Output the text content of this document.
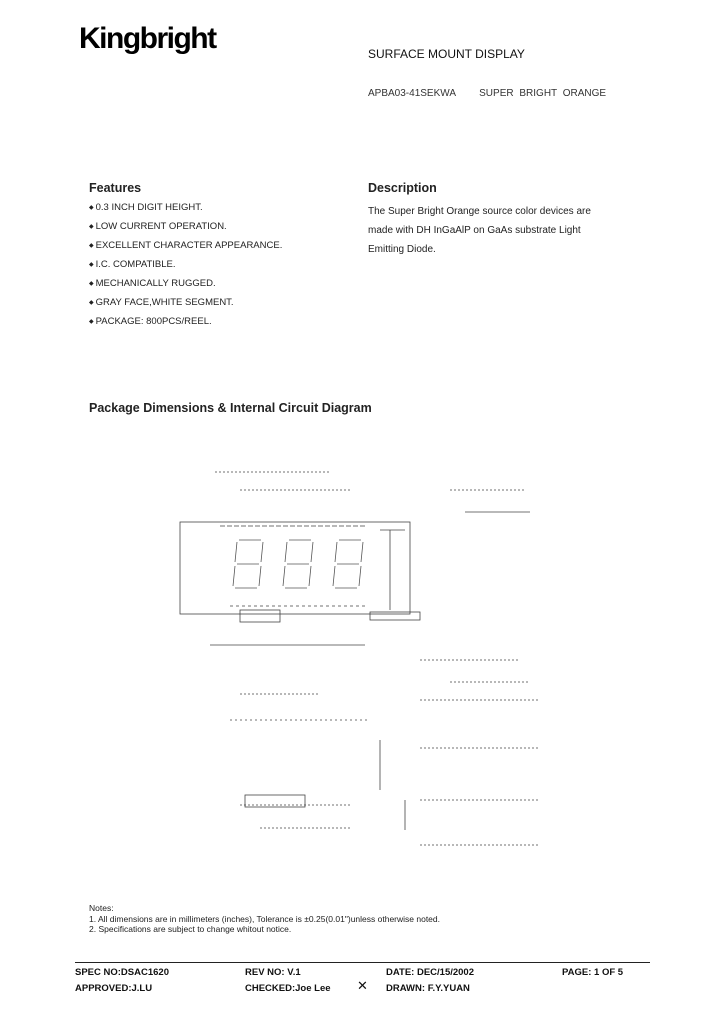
Kingbright	SURFACE MOUNT DISPLAY
APBA03-41SEKWA SUPER BRIGHT ORANGE
Features
◆ 0.3 INCH DIGIT HEIGHT.
◆ LOW CURRENT OPERATION.
◆ EXCELLENT CHARACTER APPEARANCE.
◆ I.C. COMPATIBLE.
◆ MECHANICALLY RUGGED.
◆ GRAY FACE,WHITE SEGMENT.
◆ PACKAGE: 800PCS/REEL.
Description
The Super Bright Orange source color devices are made with DH InGaAlP on GaAs substrate Light Emitting Diode.
Package Dimensions & Internal Circuit Diagram
Notes:
1. All dimensions are in millimeters (inches), Tolerance is ±0.25(0.01")unless otherwise noted.
2. Specifications are subject to change whitout notice.
SPEC NO:DSAC1620	REV NO: V.1	DATE: DEC/15/2002	PAGE: 1 OF 5
APPROVED:J.LU	CHECKED:Joe Lee ✕ DRAWN: F.Y.YUAN
